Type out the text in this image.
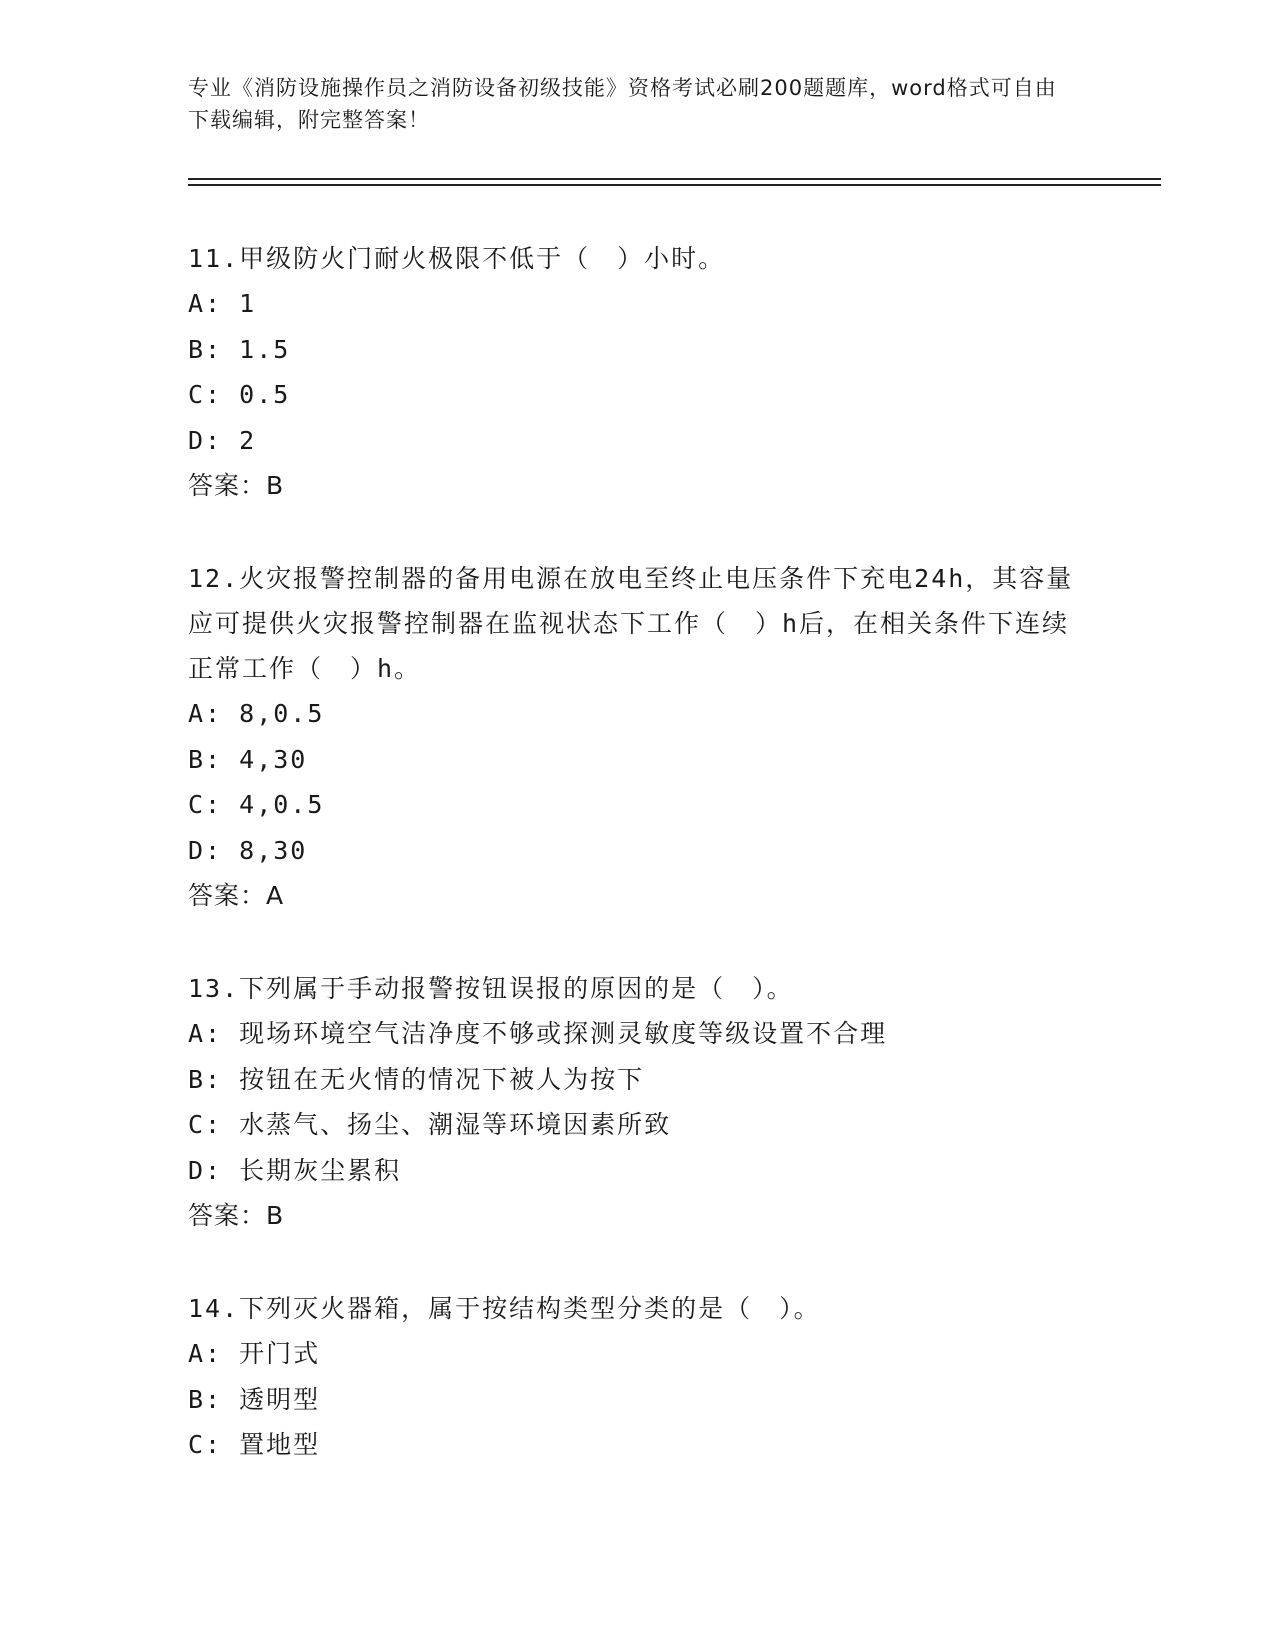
专业《消防设施操作员之消防设备初级技能》资格考试必刷200题题库，word格式可自由下载编辑，附完整答案！
11.甲级防火门耐火极限不低于（　）小时。
A: 1
B: 1.5
C: 0.5
D: 2
答案：B
12.火灾报警控制器的备用电源在放电至终止电压条件下充电24h，其容量应可提供火灾报警控制器在监视状态下工作（　）h后，在相关条件下连续正常工作（　）h。
A: 8,0.5
B: 4,30
C: 4,0.5
D: 8,30
答案：A
13.下列属于手动报警按钮误报的原因的是（　）。
A: 现场环境空气洁净度不够或探测灵敏度等级设置不合理
B: 按钮在无火情的情况下被人为按下
C: 水蒸气、扬尘、潮湿等环境因素所致
D: 长期灰尘累积
答案：B
14.下列灭火器箱，属于按结构类型分类的是（　）。
A: 开门式
B: 透明型
C: 置地型
